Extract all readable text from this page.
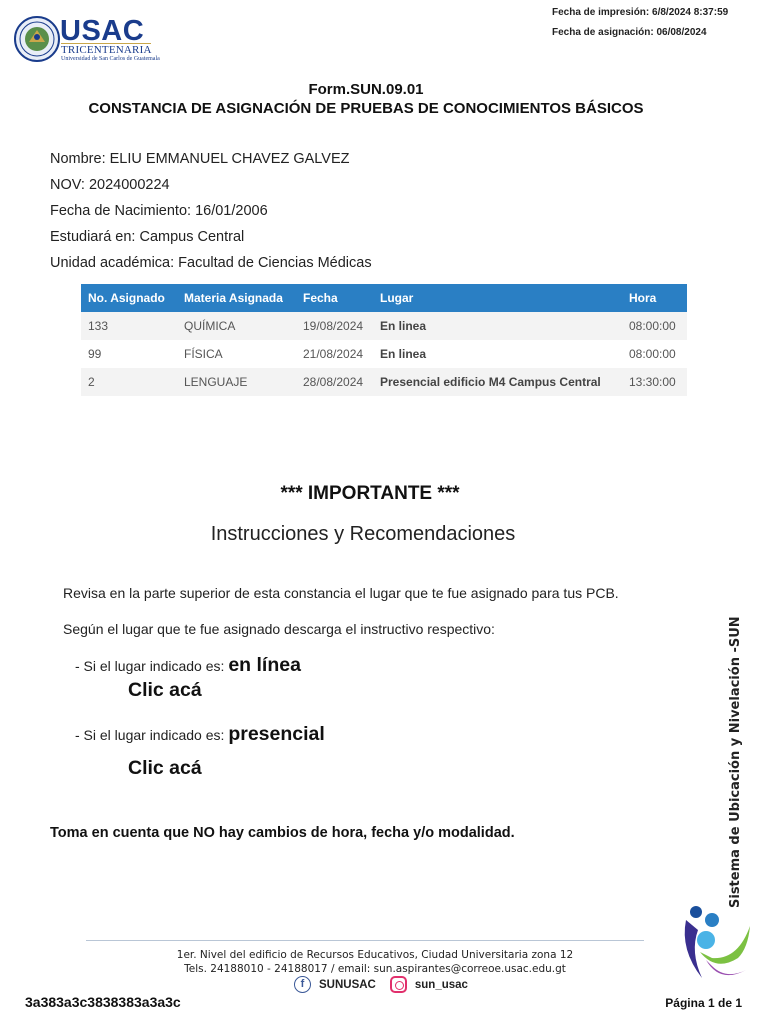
USAC
TRICENTENARIA
Universidad de San Carlos de Guatemala
Fecha de impresión: 6/8/2024 8:37:59
Fecha de asignación: 06/08/2024
Form.SUN.09.01
CONSTANCIA DE ASIGNACIÓN DE PRUEBAS DE CONOCIMIENTOS BÁSICOS
Nombre: ELIU EMMANUEL CHAVEZ GALVEZ
NOV: 2024000224
Fecha de Nacimiento: 16/01/2006
Estudiará en: Campus Central
Unidad académica: Facultad de Ciencias Médicas
No. Asignado	Materia Asignada	Fecha	Lugar	Hora
133	QUÍMICA	19/08/2024	En linea	08:00:00
99	FÍSICA	21/08/2024	En linea	08:00:00
2	LENGUAJE	28/08/2024	Presencial edificio M4 Campus Central	13:30:00
*** IMPORTANTE ***
Instrucciones y Recomendaciones
Revisa en la parte superior de esta constancia el lugar que te fue asignado para tus PCB.
Según el lugar que te fue asignado descarga el instructivo respectivo:
- Si el lugar indicado es: en línea
Clic acá
- Si el lugar indicado es: presencial
Clic acá
Toma en cuenta que NO hay cambios de hora, fecha y/o modalidad.	Sistema de Ubicación y Nivelación -SUN
1er. Nivel del edificio de Recursos Educativos, Ciudad Universitaria zona 12
Tels. 24188010 - 24188017 / email: sun.aspirantes@correoe.usac.edu.gt
f	SUNUSAC	sun_usac
3a383a3c3838383a3a3c	Página 1 de 1
